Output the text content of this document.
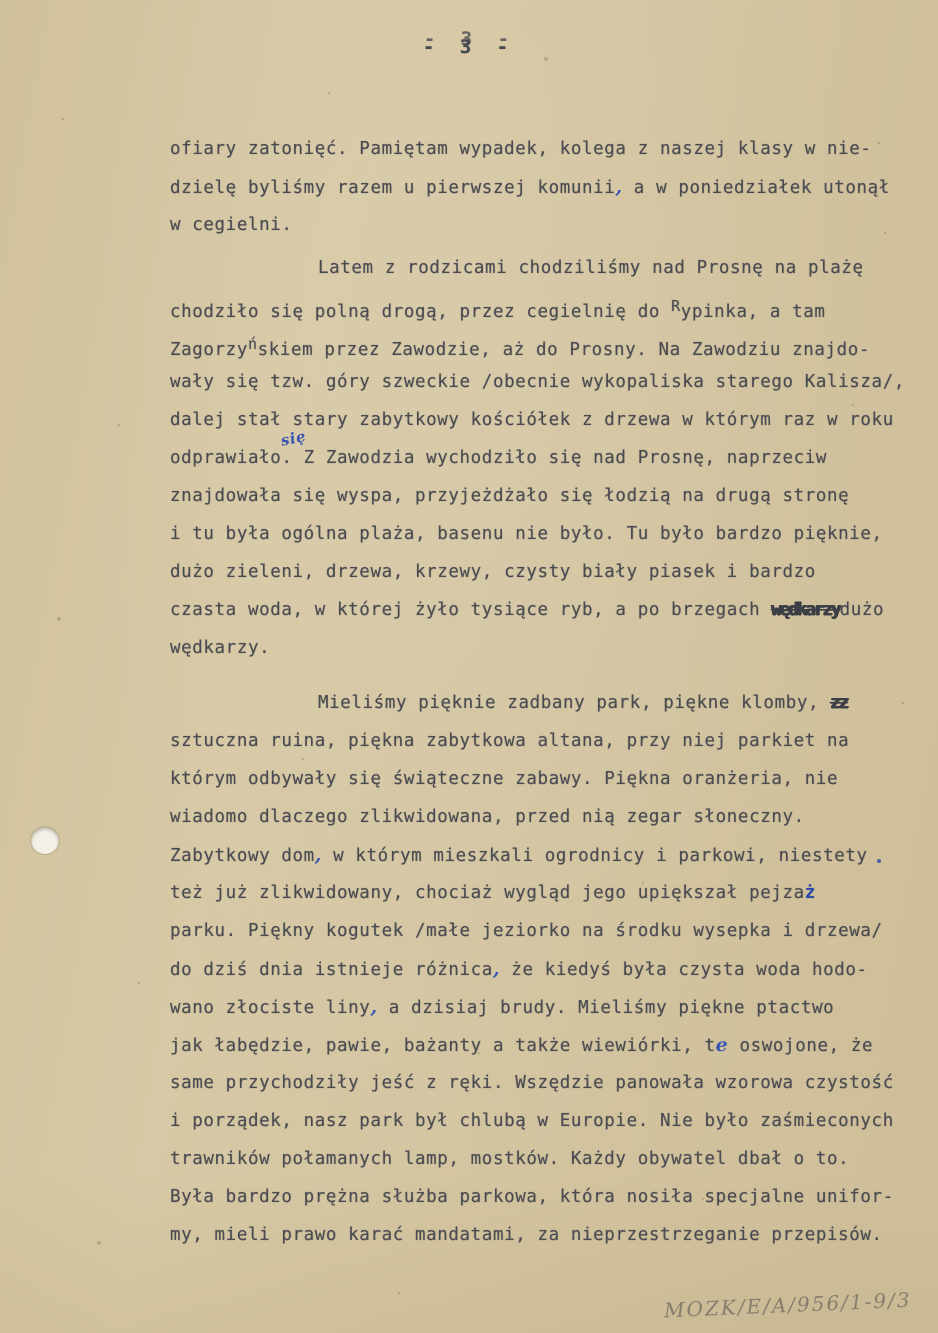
- 3 -
ofiary zatonięć. Pamiętam wypadek, kolega z naszej klasy w nie-
dzielę byliśmy razem u pierwszej komunii, a w poniedziałek utonął
w cegielni.
Latem z rodzicami chodziliśmy nad Prosnę na plażę
chodziło się polną drogą, przez cegielnię do Rypinka, a tam
Zagorzyńskiem przez Zawodzie, aż do Prosny. Na Zawodziu znajdo-
wały się tzw. góry szweckie /obecnie wykopaliska starego Kalisza/,
dalej stał stary zabytkowy kościółek z drzewa w którym raz w roku
odprawiałosię. Z Zawodzia wychodziło się nad Prosnę, naprzeciw
znajdowała się wyspa, przyjeżdżało się łodzią na drugą stronę
i tu była ogólna plaża, basenu nie było. Tu było bardzo pięknie,
dużo zieleni, drzewa, krzewy, czysty biały piasek i bardzo
czasta woda, w której żyło tysiące ryb, a po brzegach wędkarzydużo
wędkarzy.
Mieliśmy pięknie zadbany park, piękne klomby, zz
sztuczna ruina, piękna zabytkowa altana, przy niej parkiet na
którym odbywały się świąteczne zabawy. Piękna oranżeria, nie
wiadomo dlaczego zlikwidowana, przed nią zegar słoneczny.
Zabytkowy dom, w którym mieszkali ogrodnicy i parkowi, niestety
też już zlikwidowany, chociaż wygląd jego upiększał pejzaż
parku. Piękny kogutek /małe jeziorko na środku wysepka i drzewa/
do dziś dnia istnieje różnica, że kiedyś była czysta woda hodo-
wano złociste liny, a dzisiaj brudy. Mieliśmy piękne ptactwo
jak łabędzie, pawie, bażanty a także wiewiórki, te oswojone, że
same przychodziły jeść z ręki. Wszędzie panowała wzorowa czystość
i porządek, nasz park był chlubą w Europie. Nie było zaśmieconych
trawników połamanych lamp, mostków. Każdy obywatel dbał o to.
Była bardzo prężna służba parkowa, która nosiła specjalne unifor-
my, mieli prawo karać mandatami, za nieprzestrzeganie przepisów.
MOZK/E/A/956/1-9/3
